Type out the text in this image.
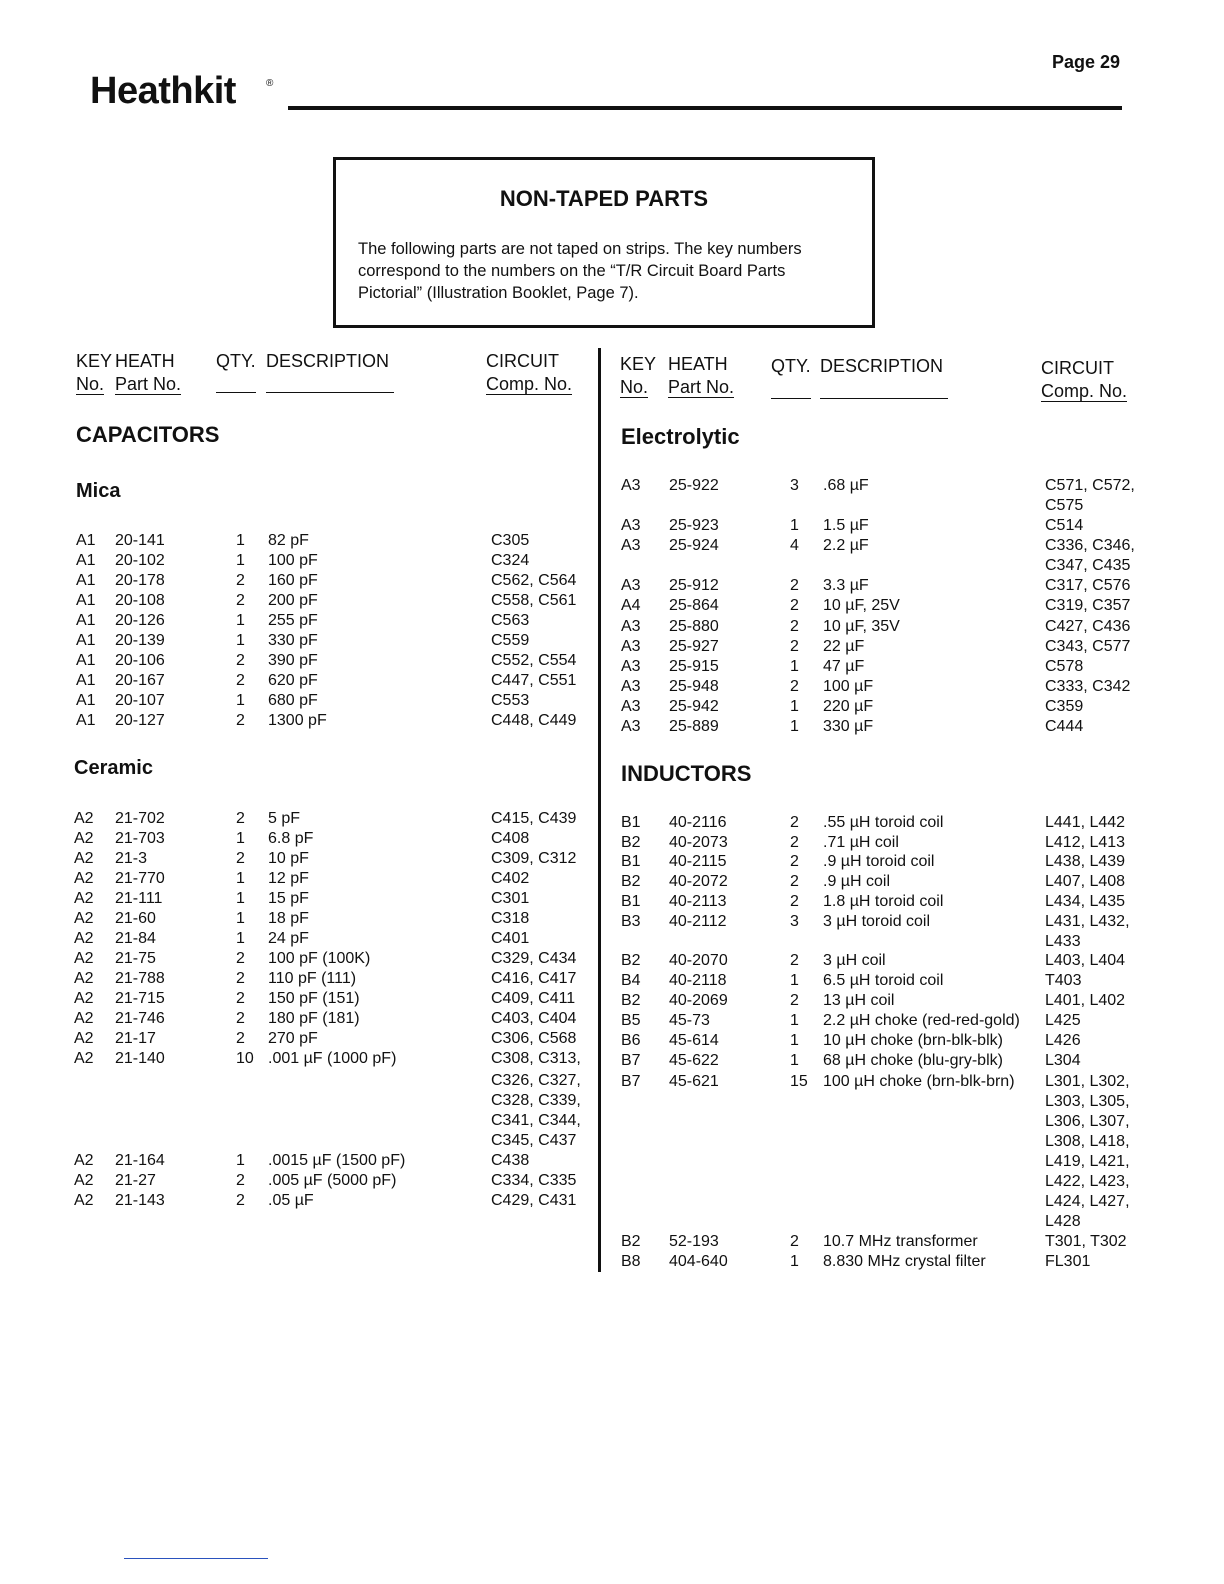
Page 29
Heathkit	®
NON-TAPED PARTS
The following parts are not taped on strips. The key numbers correspond to the numbers on the “T/R Circuit Board Parts Pictorial” (Illustration Booklet, Page 7).
KEY
No.
HEATH
Part No.
QTY. DESCRIPTION	CIRCUIT
Comp. No.
KEY
No.
HEATH
Part No.
QTY. DESCRIPTION	CIRCUIT
Comp. No.
CAPACITORS
Mica
Ceramic
Electrolytic
INDUCTORS
A1 20-141	1 82 pF	C305
A1 20-102	1 100 pF	C324
A1 20-178	2 160 pF	C562, C564
A1 20-108	2 200 pF	C558, C561
A1 20-126	1 255 pF	C563
A1 20-139	1 330 pF	C559
A1 20-106	2 390 pF	C552, C554
A1 20-167	2 620 pF	C447, C551
A1 20-107	1 680 pF	C553
A1 20-127	2 1300 pF	C448, C449
A2 21-702	2 5 pF	C415, C439
A2 21-703	1 6.8 pF	C408
A2 21-3	2 10 pF	C309, C312
A2 21-770	1 12 pF	C402
A2 21-111	1 15 pF	C301
A2 21-60	1 18 pF	C318
A2 21-84	1 24 pF	C401
A2 21-75	2 100 pF (100K)	C329, C434
A2 21-788	2 110 pF (111)	C416, C417
A2 21-715	2 150 pF (151)	C409, C411
A2 21-746	2 180 pF (181)	C403, C404
A2 21-17	2 270 pF	C306, C568
A2 21-140	10 .001 µF (1000 pF)	C308, C313,
C326, C327,
C328, C339,
C341, C344,
C345, C437
A2 21-164	1 .0015 µF (1500 pF)	C438
A2 21-27	2 .005 µF (5000 pF)	C334, C335
A2 21-143	2 .05 µF	C429, C431
A3 25-922	3 .68 µF	C571, C572,
C575
A3 25-923	1 1.5 µF	C514
A3 25-924	4 2.2 µF	C336, C346,
C347, C435
A3 25-912	2 3.3 µF	C317, C576
A4 25-864	2 10 µF, 25V	C319, C357
A3 25-880	2 10 µF, 35V	C427, C436
A3 25-927	2 22 µF	C343, C577
A3 25-915	1 47 µF	C578
A3 25-948	2 100 µF	C333, C342
A3 25-942	1 220 µF	C359
A3 25-889	1 330 µF	C444
B1 40-2116	2 .55 µH toroid coil	L441, L442
B2 40-2073	2 .71 µH coil	L412, L413
B1 40-2115	2 .9 µH toroid coil	L438, L439
B2 40-2072	2 .9 µH coil	L407, L408
B1 40-2113	2 1.8 µH toroid coil	L434, L435
B3 40-2112	3 3 µH toroid coil	L431, L432,
L433
B2 40-2070	2 3 µH coil	L403, L404
B4 40-2118	1 6.5 µH toroid coil	T403
B2 40-2069	2 13 µH coil	L401, L402
B5 45-73	1 2.2 µH choke (red-red-gold) L425
B6 45-614	1 10 µH choke (brn-blk-blk)	L426
B7 45-622	1 68 µH choke (blu-gry-blk)	L304
B7 45-621	15 100 µH choke (brn-blk-brn) L301, L302,
L303, L305,
L306, L307,
L308, L418,
L419, L421,
L422, L423,
L424, L427,
L428
B2 52-193	2 10.7 MHz transformer	T301, T302
B8 404-640	1 8.830 MHz crystal filter	FL301
